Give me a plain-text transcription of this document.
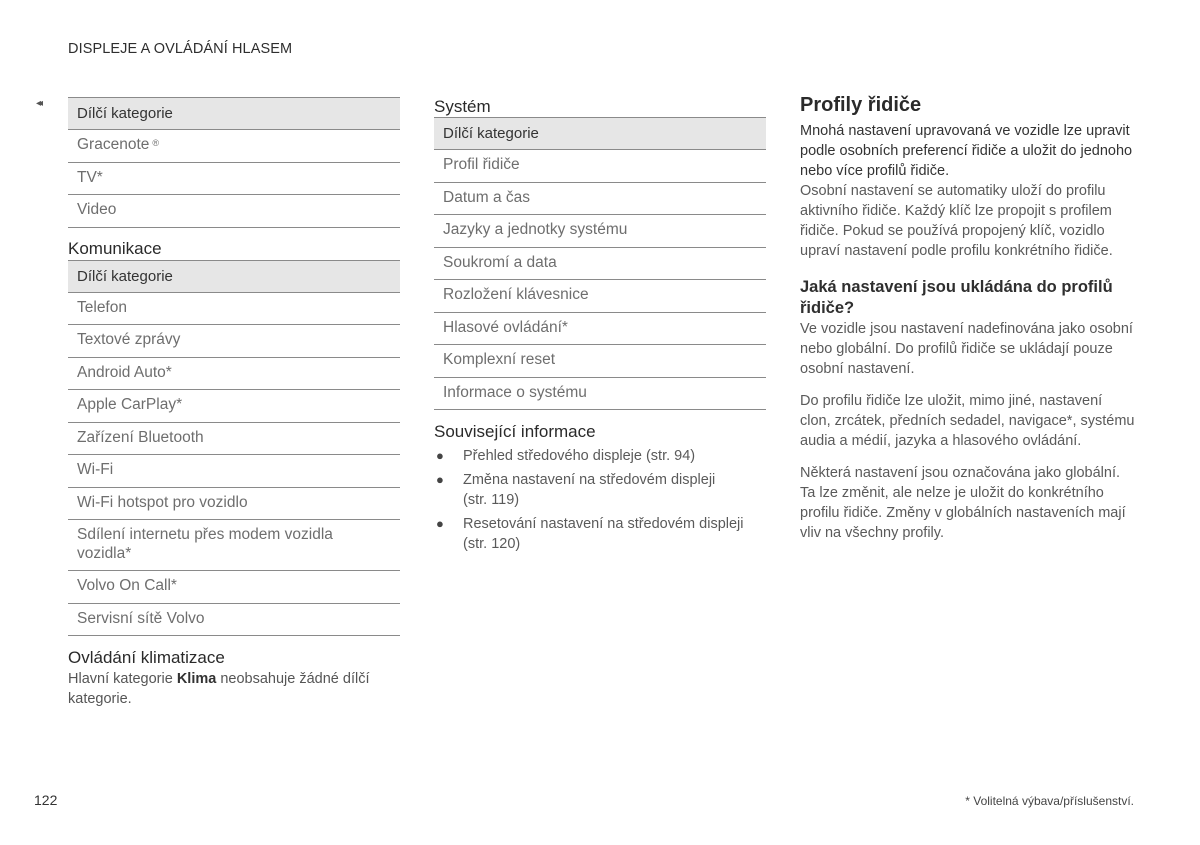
DISPLEJE A OVLÁDÁNÍ HLASEM
◂◂
Dílčí kategorie
Gracenote ®
TV*
Video
Komunikace
Dílčí kategorie
Telefon
Textové zprávy
Android Auto*
Apple CarPlay*
Zařízení Bluetooth
Wi-Fi
Wi-Fi hotspot pro vozidlo
Sdílení internetu přes modem vozidla vozidla*
Volvo On Call*
Servisní sítě Volvo
Ovládání klimatizace
Hlavní kategorie Klima neobsahuje žádné dílčí kategorie.
Systém
Dílčí kategorie
Profil řidiče
Datum a čas
Jazyky a jednotky systému
Soukromí a data
Rozložení klávesnice
Hlasové ovládání*
Komplexní reset
Informace o systému
Související informace
● Přehled středového displeje (str. 94)
● Změna nastavení na středovém displeji (str. 119)
● Resetování nastavení na středovém displeji (str. 120)
Profily řidiče
Mnohá nastavení upravovaná ve vozidle lze upravit podle osobních preferencí řidiče a uložit do jednoho nebo více profilů řidiče.
Osobní nastavení se automatiky uloží do profilu aktivního řidiče. Každý klíč lze propojit s profilem řidiče. Pokud se používá propojený klíč, vozidlo upraví nastavení podle profilu konkrétního řidiče.
Jaká nastavení jsou ukládána do profilů řidiče?
Ve vozidle jsou nastavení nadefinována jako osobní nebo globální. Do profilů řidiče se ukládají pouze osobní nastavení.
Do profilu řidiče lze uložit, mimo jiné, nastavení clon, zrcátek, předních sedadel, navigace*, systému audia a médií, jazyka a hlasového ovládání.
Některá nastavení jsou označována jako globální. Ta lze změnit, ale nelze je uložit do konkrétního profilu řidiče. Změny v globálních nastaveních mají vliv na všechny profily.
122	* Volitelná výbava/příslušenství.
